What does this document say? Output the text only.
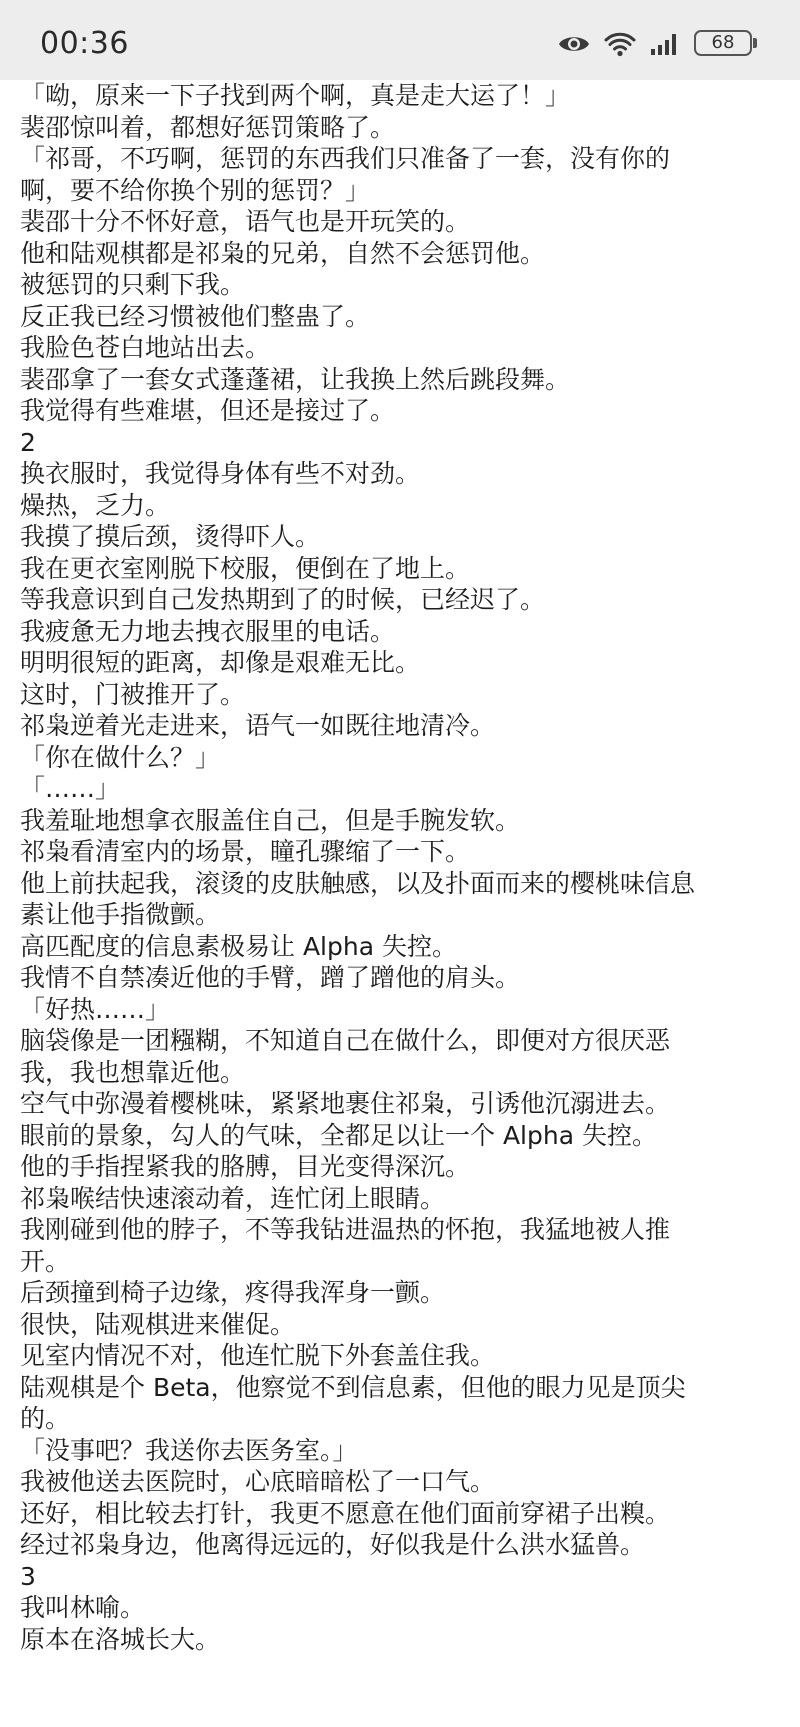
00:36	68

「呦，原来一下子找到两个啊，真是走大运了！」

裴邵惊叫着，都想好惩罚策略了。

「祁哥，不巧啊，惩罚的东西我们只准备了一套，没有你的

啊，要不给你换个别的惩罚？」

裴邵十分不怀好意，语气也是开玩笑的。

他和陆观棋都是祁枭的兄弟，自然不会惩罚他。

被惩罚的只剩下我。

反正我已经习惯被他们整蛊了。

我脸色苍白地站出去。

裴邵拿了一套女式蓬蓬裙，让我换上然后跳段舞。

我觉得有些难堪，但还是接过了。

2

换衣服时，我觉得身体有些不对劲。

燥热，乏力。

我摸了摸后颈，烫得吓人。

我在更衣室刚脱下校服，便倒在了地上。

等我意识到自己发热期到了的时候，已经迟了。

我疲惫无力地去拽衣服里的电话。

明明很短的距离，却像是艰难无比。

这时，门被推开了。

祁枭逆着光走进来，语气一如既往地清冷。

「你在做什么？」

「……」

我羞耻地想拿衣服盖住自己，但是手腕发软。

祁枭看清室内的场景，瞳孔骤缩了一下。

他上前扶起我，滚烫的皮肤触感，以及扑面而来的樱桃味信息

素让他手指微颤。

高匹配度的信息素极易让 Alpha 失控。

我情不自禁凑近他的手臂，蹭了蹭他的肩头。

「好热……」

脑袋像是一团糨糊，不知道自己在做什么，即便对方很厌恶

我，我也想靠近他。

空气中弥漫着樱桃味，紧紧地裹住祁枭，引诱他沉溺进去。

眼前的景象，勾人的气味，全都足以让一个 Alpha 失控。

他的手指捏紧我的胳膊，目光变得深沉。

祁枭喉结快速滚动着，连忙闭上眼睛。

我刚碰到他的脖子，不等我钻进温热的怀抱，我猛地被人推

开。

后颈撞到椅子边缘，疼得我浑身一颤。

很快，陆观棋进来催促。

见室内情况不对，他连忙脱下外套盖住我。

陆观棋是个 Beta，他察觉不到信息素，但他的眼力见是顶尖

的。

「没事吧？我送你去医务室。」

我被他送去医院时，心底暗暗松了一口气。

还好，相比较去打针，我更不愿意在他们面前穿裙子出糗。

经过祁枭身边，他离得远远的，好似我是什么洪水猛兽。

3

我叫林喻。

原本在洛城长大。
